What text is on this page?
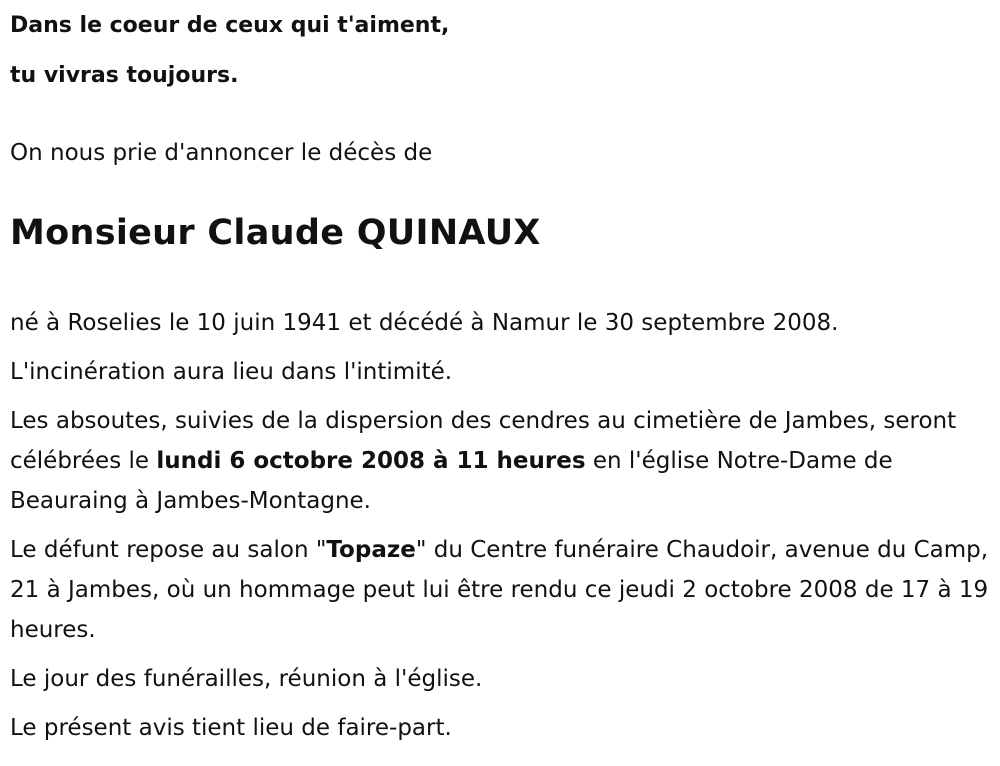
Dans le coeur de ceux qui t'aiment,

tu vivras toujours.

On nous prie d'annoncer le décès de

Monsieur Claude QUINAUX

né à Roselies le 10 juin 1941 et décédé à Namur le 30 septembre 2008.

L'incinération aura lieu dans l'intimité.

Les absoutes, suivies de la dispersion des cendres au cimetière de Jambes, seront célébrées le lundi 6 octobre 2008 à 11 heures en l'église Notre-Dame de Beauraing à Jambes-Montagne.

Le défunt repose au salon "Topaze" du Centre funéraire Chaudoir, avenue du Camp, 21 à Jambes, où un hommage peut lui être rendu ce jeudi 2 octobre 2008 de 17 à 19 heures.

Le jour des funérailles, réunion à l'église.

Le présent avis tient lieu de faire-part.
